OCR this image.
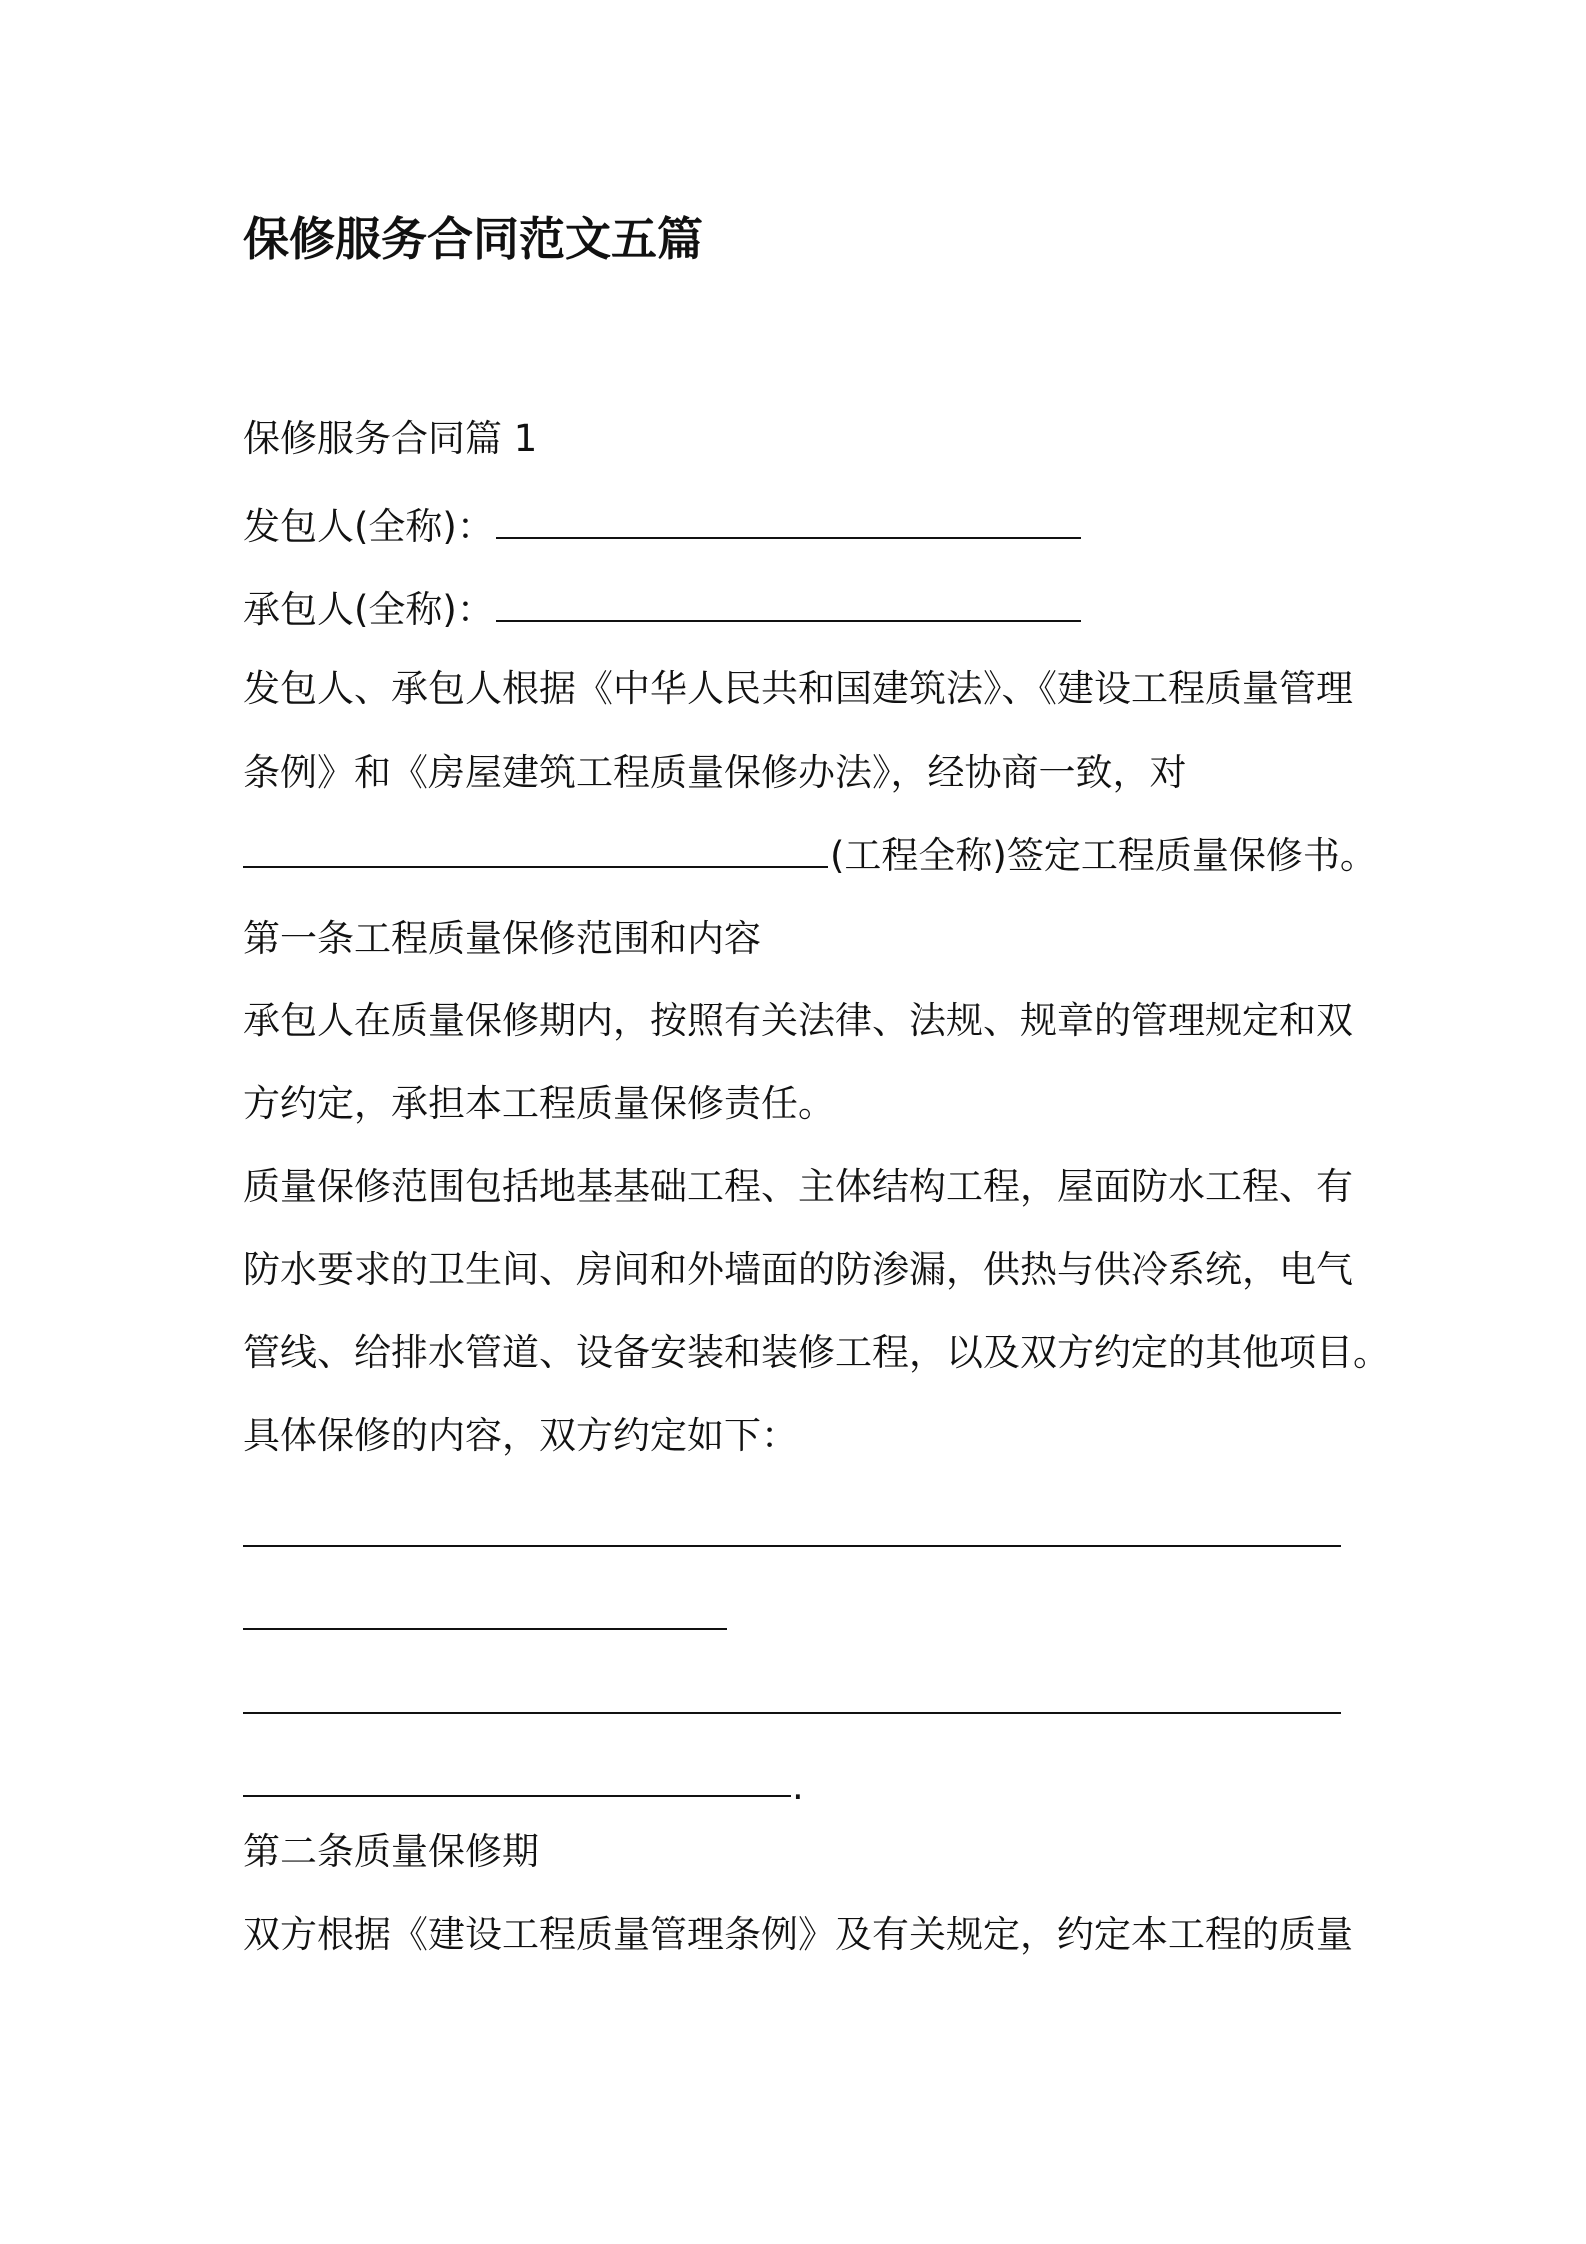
保修服务合同范文五篇

保修服务合同篇 1

发包人(全称)：

承包人(全称)：

发包人、承包人根据《中华人民共和国建筑法》、《建设工程质量管理

条例》和《房屋建筑工程质量保修办法》，经协商一致，对

(工程全称)签定工程质量保修书。

第一条工程质量保修范围和内容

承包人在质量保修期内，按照有关法律、法规、规章的管理规定和双

方约定，承担本工程质量保修责任。

质量保修范围包括地基基础工程、主体结构工程，屋面防水工程、有

防水要求的卫生间、房间和外墙面的防渗漏，供热与供冷系统，电气

管线、给排水管道、设备安装和装修工程，以及双方约定的其他项目。

具体保修的内容，双方约定如下：

.

第二条质量保修期

双方根据《建设工程质量管理条例》及有关规定，约定本工程的质量
